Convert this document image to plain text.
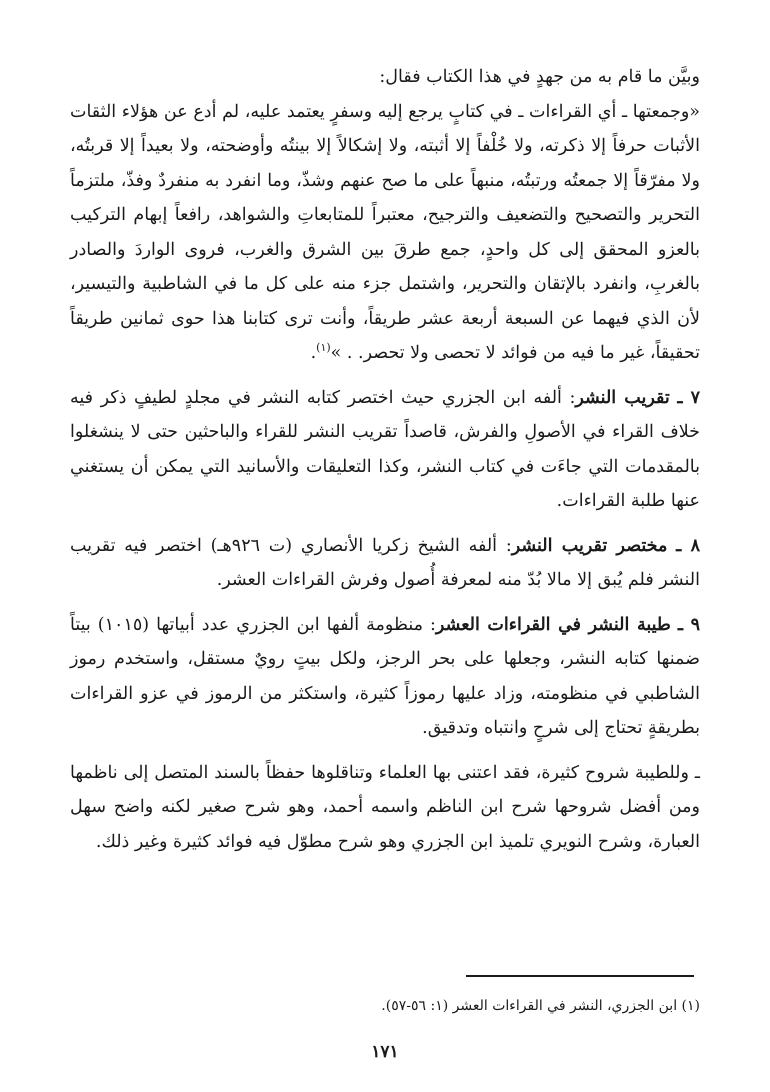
وبيَّن ما قام به من جهدٍ في هذا الكتاب فقال:

«وجمعتها ـ أي القراءات ـ في كتابٍ يرجع إليه وسفرٍ يعتمد عليه، لم أدع عن هؤلاء الثقات الأثبات حرفاً إلا ذكرته، ولا خُلْفاً إلا أثبته، ولا إشكالاً إلا بينتُه وأوضحته، ولا بعيداً إلا قربتُه، ولا مفرّقاً إلا جمعتُه ورتبتُه، منبهاً على ما صح عنهم وشذّ، وما انفرد به منفردٌ وفذّ، ملتزماً التحرير والتصحيح والتضعيف والترجيح، معتبراً للمتابعاتِ والشواهد، رافعاً إبهام التركيب بالعزو المحقق إلى كل واحدٍ، جمع طرقَ بين الشرق والغرب، فروى الواردَ والصادر بالغربِ، وانفرد بالإتقان والتحرير، واشتمل جزء منه على كل ما في الشاطبية والتيسير، لأن الذي فيهما عن السبعة أربعة عشر طريقاً، وأنت ترى كتابنا هذا حوى ثمانين طريقاً تحقيقاً، غير ما فيه من فوائد لا تحصى ولا تحصر. . »$^{(١)}$.

٧ ـ تقريب النشر: ألفه ابن الجزري حيث اختصر كتابه النشر في مجلدٍ لطيفٍ ذكر فيه خلاف القراء في الأصولِ والفرش، قاصداً تقريب النشر للقراء والباحثين حتى لا ينشغلوا بالمقدمات التي جاءَت في كتاب النشر، وكذا التعليقات والأسانيد التي يمكن أن يستغني عنها طلبة القراءات.

٨ ـ مختصر تقريب النشر: ألفه الشيخ زكريا الأنصاري (ت ٩٢٦هـ) اختصر فيه تقريب النشر فلم يُبق إلا مالا بُدّ منه لمعرفة أُصول وفرش القراءات العشر.

٩ ـ طيبة النشر في القراءات العشر: منظومة ألفها ابن الجزري عدد أبياتها (١٠١٥) بيتاً ضمنها كتابه النشر، وجعلها على بحر الرجز، ولكل بيتٍ رويٌ مستقل، واستخدم رموز الشاطبي في منظومته، وزاد عليها رموزاً كثيرة، واستكثر من الرموز في عزو القراءات بطريقةٍ تحتاج إلى شرحٍ وانتباه وتدقيق.

ـ وللطيبة شروح كثيرة، فقد اعتنى بها العلماء وتناقلوها حفظاً بالسند المتصل إلى ناظمها ومن أفضل شروحها شرح ابن الناظم واسمه أحمد، وهو شرح صغير لكنه واضح سهل العبارة، وشرح النويري تلميذ ابن الجزري وهو شرح مطوّل فيه فوائد كثيرة وغير ذلك.

(١) ابن الجزري، النشر في القراءات العشر (١: ٥٦-٥٧).

١٧١
